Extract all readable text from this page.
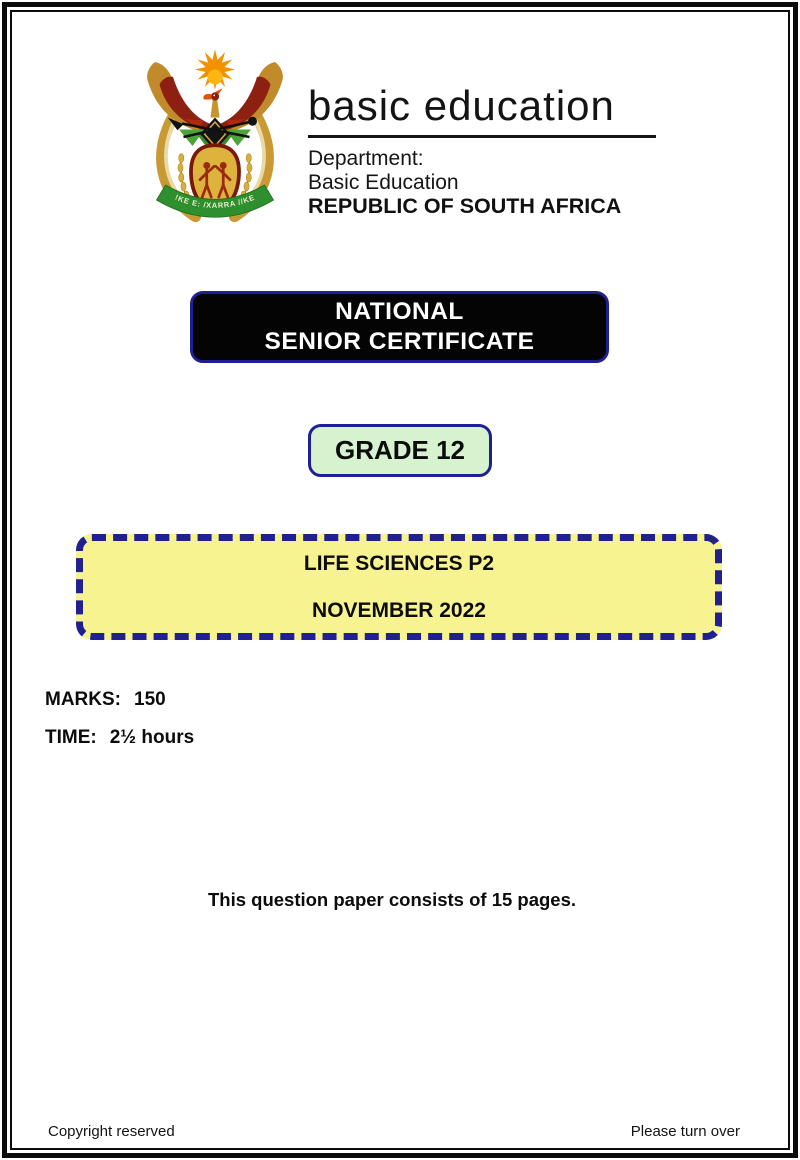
!KE E: /XARRA //KE
basic education
Department:
Basic Education
REPUBLIC OF SOUTH AFRICA
NATIONAL
SENIOR CERTIFICATE
GRADE 12
LIFE SCIENCES P2
NOVEMBER 2022
MARKS: 150
TIME: 2½ hours
This question paper consists of 15 pages.
Copyright reserved	Please turn over
